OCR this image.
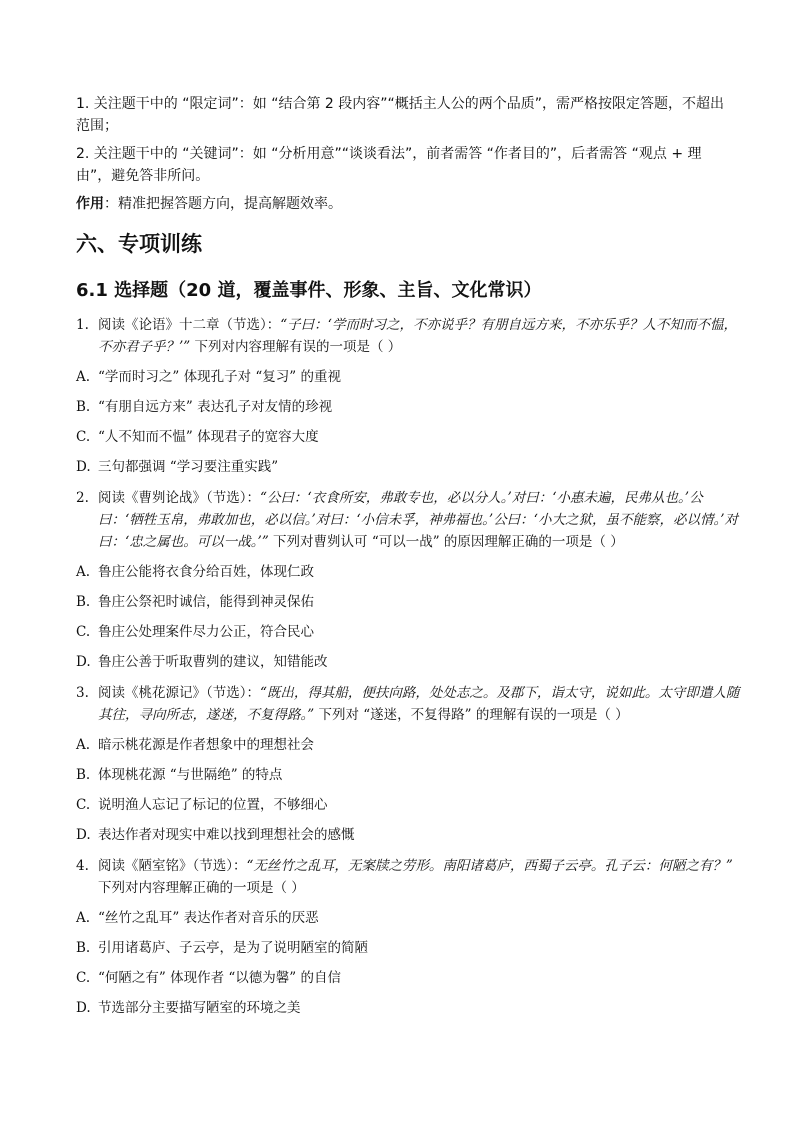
1. 关注题干中的 “限定词”：如 “结合第 2 段内容”“概括主人公的两个品质”，需严格按限定答题，不超出范围；

2. 关注题干中的 “关键词”：如 “分析用意”“谈谈看法”，前者需答 “作者目的”，后者需答 “观点 + 理由”，避免答非所问。

作用：精准把握答题方向，提高解题效率。

六、专项训练
6.1 选择题（20 道，覆盖事件、形象、主旨、文化常识）
1. 阅读《论语》十二章（节选）：“子曰：‘学而时习之，不亦说乎？有朋自远方来，不亦乐乎？人不知而不愠，不亦君子乎？’” 下列对内容理解有误的一项是（ ）
A. “学而时习之” 体现孔子对 “复习” 的重视
B. “有朋自远方来” 表达孔子对友情的珍视
C. “人不知而不愠” 体现君子的宽容大度
D. 三句都强调 “学习要注重实践”
2. 阅读《曹刿论战》（节选）：“公曰：‘衣食所安，弗敢专也，必以分人。’对曰：‘小惠未遍，民弗从也。’公曰：‘牺牲玉帛，弗敢加也，必以信。’对曰：‘小信未孚，神弗福也。’公曰：‘小大之狱，虽不能察，必以情。’对曰：‘忠之属也。可以一战。’” 下列对曹刿认可 “可以一战” 的原因理解正确的一项是（ ）
A. 鲁庄公能将衣食分给百姓，体现仁政
B. 鲁庄公祭祀时诚信，能得到神灵保佑
C. 鲁庄公处理案件尽力公正，符合民心
D. 鲁庄公善于听取曹刿的建议，知错能改
3. 阅读《桃花源记》（节选）：“既出，得其船，便扶向路，处处志之。及郡下，诣太守，说如此。太守即遣人随其往，寻向所志，遂迷，不复得路。” 下列对 “遂迷，不复得路” 的理解有误的一项是（ ）
A. 暗示桃花源是作者想象中的理想社会
B. 体现桃花源 “与世隔绝” 的特点
C. 说明渔人忘记了标记的位置，不够细心
D. 表达作者对现实中难以找到理想社会的感慨
4. 阅读《陋室铭》（节选）：“无丝竹之乱耳，无案牍之劳形。南阳诸葛庐，西蜀子云亭。孔子云：何陋之有？” 下列对内容理解正确的一项是（ ）
A. “丝竹之乱耳” 表达作者对音乐的厌恶
B. 引用诸葛庐、子云亭，是为了说明陋室的简陋
C. “何陋之有” 体现作者 “以德为馨” 的自信
D. 节选部分主要描写陋室的环境之美
